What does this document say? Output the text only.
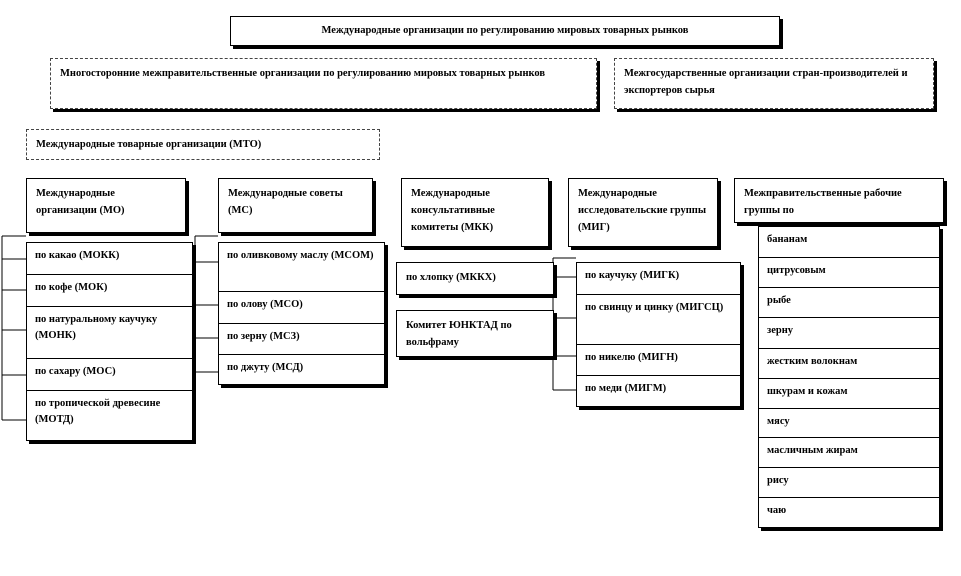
Международные организации по регулированию мировых товарных рынков
Многосторонние межправительственные организации по регулированию мировых товарных рынков	Межгосударственные организации стран-производителей и экспортеров сырья
Международные товарные организации (МТО)
Международные организации (МО)
Международные советы (МС)
Международные консультативные комитеты (МКК)
Международные исследовательские группы (МИГ)
Межправительственные рабочие группы по
по какао (МОКК)
по кофе (МОК)
по натуральному каучуку (МОНК)
по сахару (МОС)
по тропической древесине (МОТД)
по оливковому маслу (МСОМ)
по олову (МСО)
по зерну (МСЗ)
по джуту (МСД)
по хлопку (МККХ)
Комитет ЮНКТАД по вольфраму
по каучуку (МИГК)
по свинцу и цинку (МИГСЦ)
по никелю (МИГН)
по меди (МИГМ)
бананам
цитрусовым
рыбе
зерну
жестким волокнам
шкурам и кожам
мясу
масличным жирам
рису
чаю
